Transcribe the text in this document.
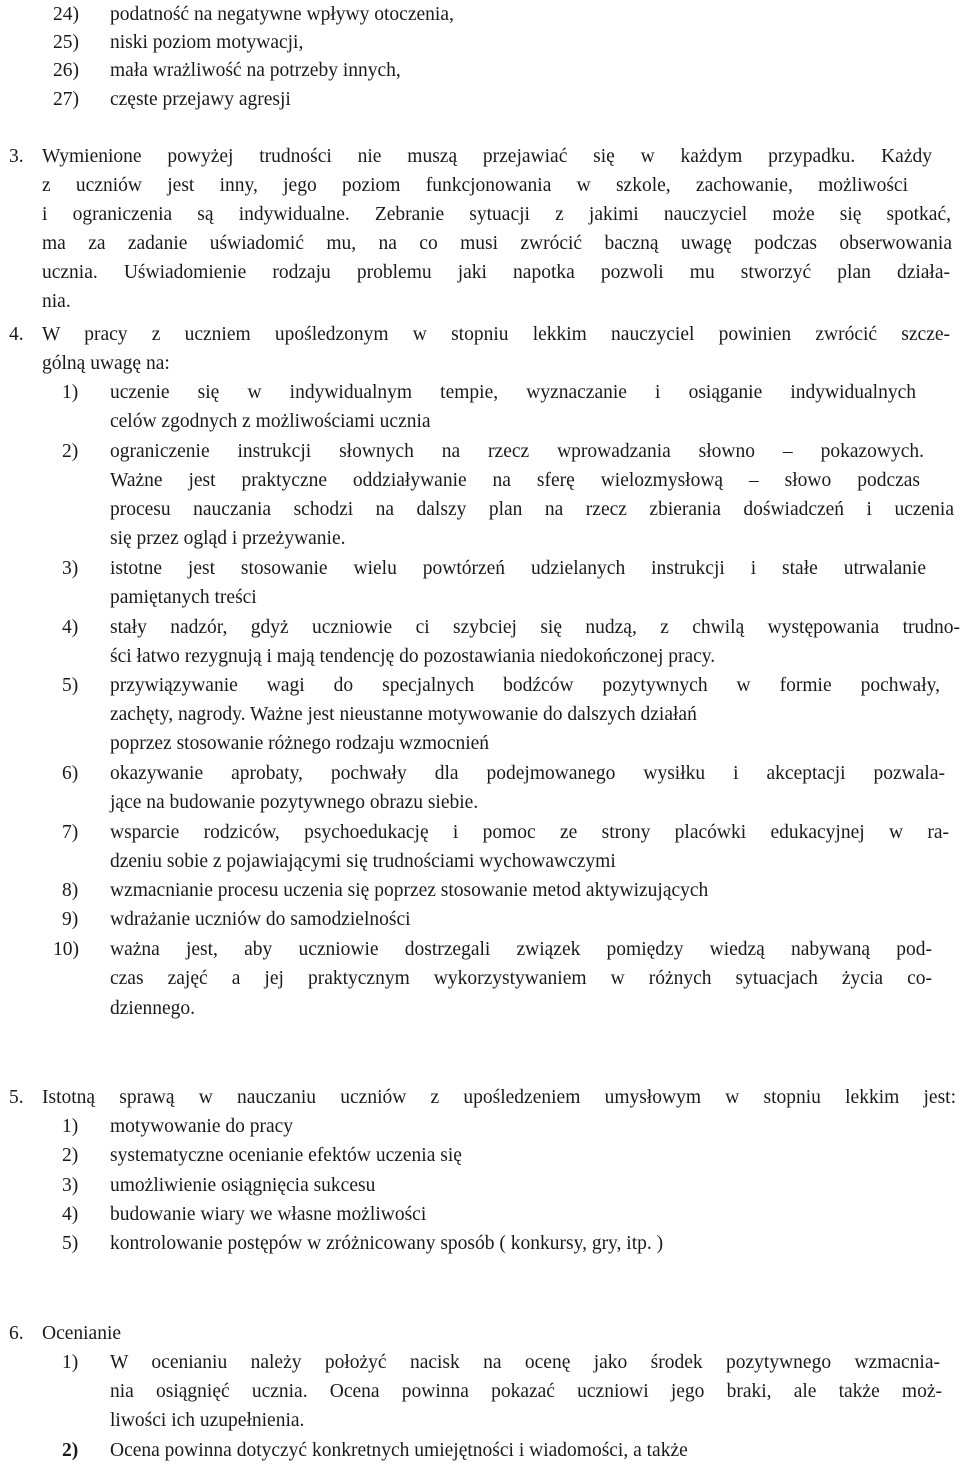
24) podatność na negatywne wpływy otoczenia,
25) niski poziom motywacji,
26) mała wrażliwość na potrzeby innych,
27) częste przejawy agresji
3. Wymienione powyżej trudności nie muszą przejawiać się w każdym przypadku. Każdy
z uczniów jest inny, jego poziom funkcjonowania w szkole, zachowanie, możliwości
i ograniczenia są indywidualne. Zebranie sytuacji z jakimi nauczyciel może się spotkać,
ma za zadanie uświadomić mu, na co musi zwrócić baczną uwagę podczas obserwowania
ucznia. Uświadomienie rodzaju problemu jaki napotka pozwoli mu stworzyć plan działa-
nia.
4. W pracy z uczniem upośledzonym w stopniu lekkim nauczyciel powinien zwrócić szcze-
gólną uwagę na:
1) uczenie się w indywidualnym tempie, wyznaczanie i osiąganie indywidualnych
celów zgodnych z możliwościami ucznia
2) ograniczenie instrukcji słownych na rzecz wprowadzania słowno – pokazowych.
Ważne jest praktyczne oddziaływanie na sferę wielozmysłową – słowo podczas
procesu nauczania schodzi na dalszy plan na rzecz zbierania doświadczeń i uczenia
się przez ogląd i przeżywanie.
3) istotne jest stosowanie wielu powtórzeń udzielanych instrukcji i stałe utrwalanie
pamiętanych treści
4) stały nadzór, gdyż uczniowie ci szybciej się nudzą, z chwilą występowania trudno-
ści łatwo rezygnują i mają tendencję do pozostawiania niedokończonej pracy.
5) przywiązywanie wagi do specjalnych bodźców pozytywnych w formie pochwały,
zachęty, nagrody. Ważne jest nieustanne motywowanie do dalszych działań
poprzez stosowanie różnego rodzaju wzmocnień
6) okazywanie aprobaty, pochwały dla podejmowanego wysiłku i akceptacji pozwala-
jące na budowanie pozytywnego obrazu siebie.
7) wsparcie rodziców, psychoedukację i pomoc ze strony placówki edukacyjnej w ra-
dzeniu sobie z pojawiającymi się trudnościami wychowawczymi
8) wzmacnianie procesu uczenia się poprzez stosowanie metod aktywizujących
9) wdrażanie uczniów do samodzielności
10) ważna jest, aby uczniowie dostrzegali związek pomiędzy wiedzą nabywaną pod-
czas zajęć a jej praktycznym wykorzystywaniem w różnych sytuacjach życia co-
dziennego.
5. Istotną sprawą w nauczaniu uczniów z upośledzeniem umysłowym w stopniu lekkim jest:
1) motywowanie do pracy
2) systematyczne ocenianie efektów uczenia się
3) umożliwienie osiągnięcia sukcesu
4) budowanie wiary we własne możliwości
5) kontrolowanie postępów w zróżnicowany sposób ( konkursy, gry, itp. )
6. Ocenianie
1) W ocenianiu należy położyć nacisk na ocenę jako środek pozytywnego wzmacnia-
nia osiągnięć ucznia. Ocena powinna pokazać uczniowi jego braki, ale także moż-
liwości ich uzupełnienia.
2) Ocena powinna dotyczyć konkretnych umiejętności i wiadomości, a także
